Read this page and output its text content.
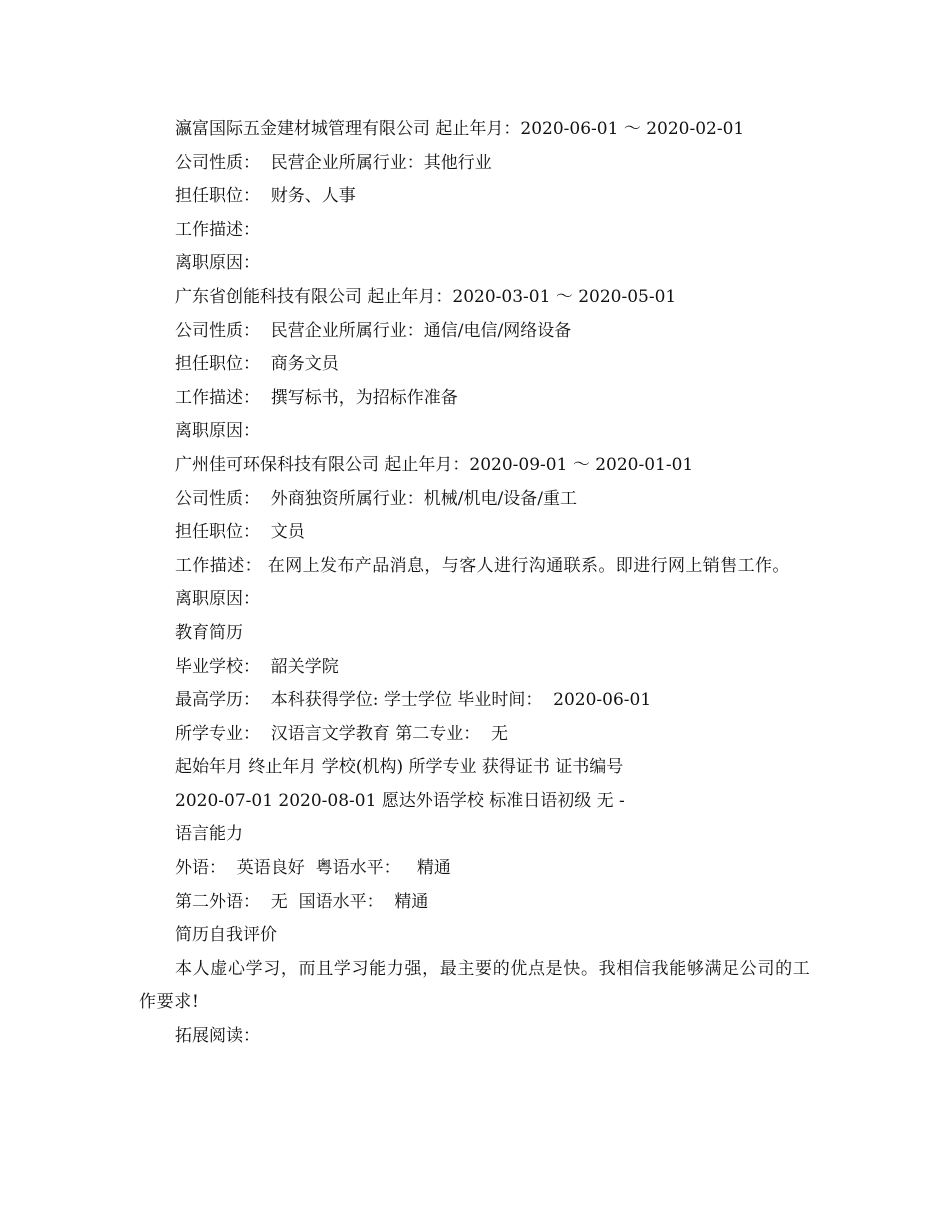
瀛富国际五金建材城管理有限公司 起止年月：2020-06-01 ～ 2020-02-01
公司性质：  民营企业所属行业：其他行业
担任职位：  财务、人事
工作描述：
离职原因：
广东省创能科技有限公司 起止年月：2020-03-01 ～ 2020-05-01
公司性质：  民营企业所属行业：通信/电信/网络设备
担任职位：  商务文员
工作描述：  撰写标书，为招标作准备
离职原因：
广州佳可环保科技有限公司 起止年月：2020-09-01 ～ 2020-01-01
公司性质：  外商独资所属行业：机械/机电/设备/重工
担任职位：  文员
工作描述： 在网上发布产品消息，与客人进行沟通联系。即进行网上销售工作。
离职原因：
教育简历
毕业学校：  韶关学院
最高学历：  本科获得学位: 学士学位 毕业时间：  2020-06-01
所学专业：  汉语言文学教育 第二专业：  无
起始年月 终止年月 学校(机构) 所学专业 获得证书 证书编号
2020-07-01 2020-08-01 愿达外语学校 标准日语初级 无 -
语言能力
外语：  英语良好  粤语水平：   精通
第二外语：  无  国语水平：  精通
简历自我评价
本人虚心学习，而且学习能力强，最主要的优点是快。我相信我能够满足公司的工作要求!
拓展阅读：
